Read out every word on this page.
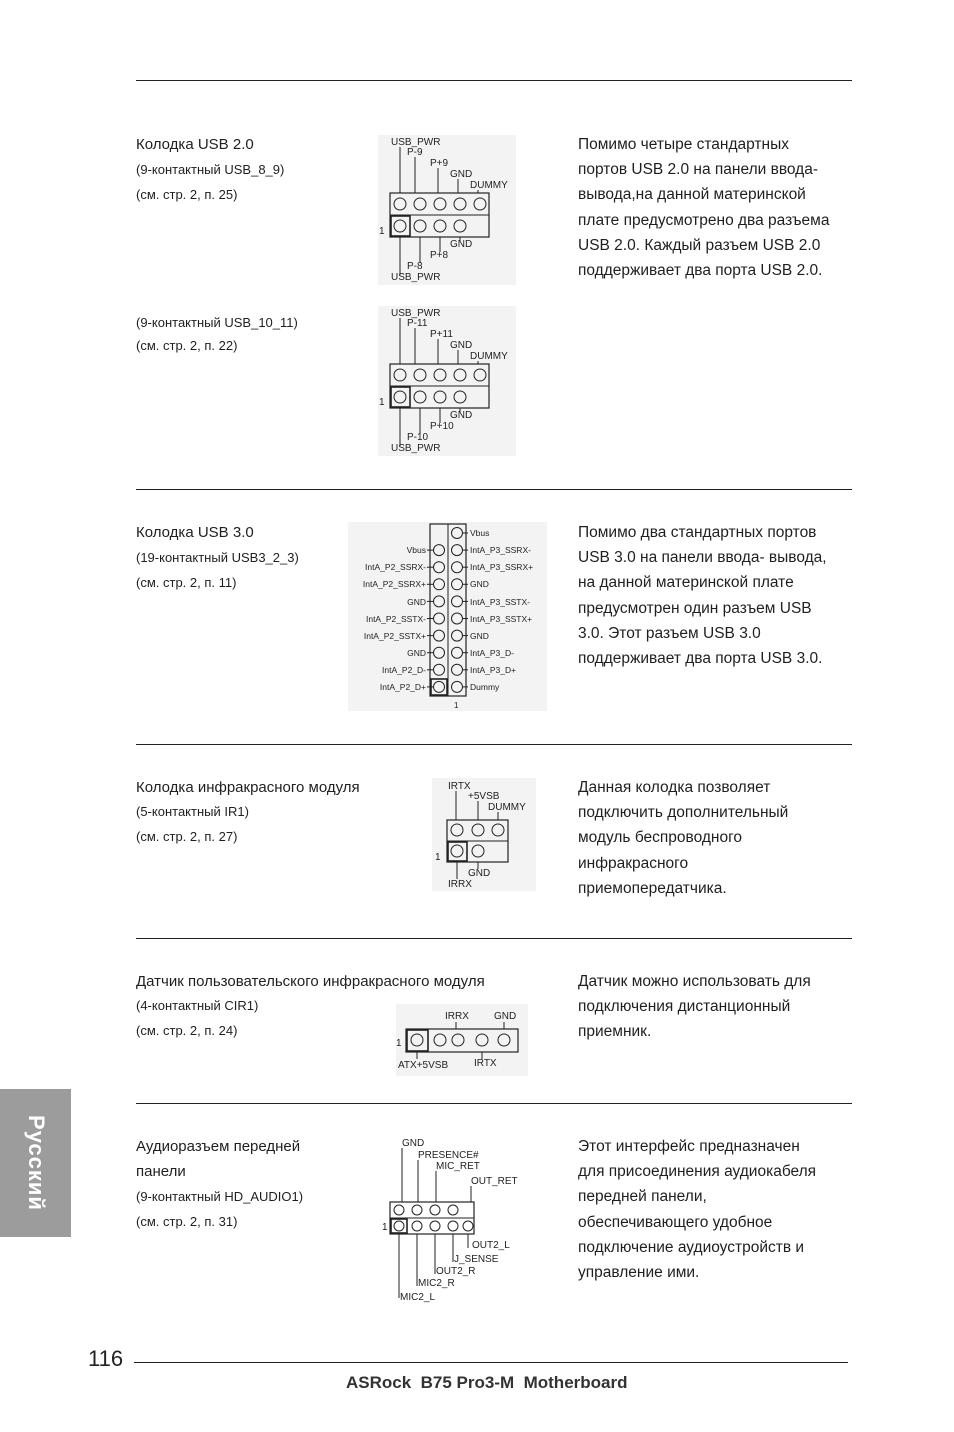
Колодка USB 2.0

(9-контактный USB_8_9)

(см. стр. 2, п. 25)

(9-контактный USB_10_11)

(см. стр. 2, п. 22)

Помимо четыре стандартных
портов USB 2.0 на панели ввода-
вывода,на данной материнской
плате предусмотрено два разъема
USB 2.0. Каждый разъем USB 2.0
поддерживает два порта USB 2.0.
USB_PWR
P-9
P+9
GND
DUMMY
1
GND
P+8
P-8
USB_PWR
USB_PWR
P-11
P+11
GND
DUMMY
1
GND
P+10
P-10
USB_PWR

Колодка USB 3.0

(19-контактный USB3_2_3)

(см. стр. 2, п. 11)

Помимо два стандартных портов
USB 3.0 на панели ввода- вывода,
на данной материнской плате
предусмотрен один разъем USB
3.0. Этот разъем USB 3.0
поддерживает два порта USB 3.0.
Vbus
IntA_P3_SSRX-
IntA_P3_SSRX+
GND
IntA_P3_SSTX-
IntA_P3_SSTX+
GND
IntA_P3_D-
IntA_P3_D+
Dummy
Vbus
IntA_P2_SSRX-
IntA_P2_SSRX+
GND
IntA_P2_SSTX-
IntA_P2_SSTX+
GND
IntA_P2_D-
IntA_P2_D+
1

Колодка инфракрасного модуля

(5-контактный IR1)

(см. стр. 2, п. 27)

Данная колодка позволяет
подключить дополнительный
модуль беспроводного
инфракрасного
приемопередатчика.
IRTX
+5VSB
DUMMY
1
GND
IRRX

Датчик пользовательского инфракрасного модуля

(4-контактный CIR1)

(см. стр. 2, п. 24)

Датчик можно использовать для
подключения дистанционный
приемник.
IRRX	GND
1
ATX+5VSB	IRTX

Аудиоразъем передней

панели

(9-контактный HD_AUDIO1)

(см. стр. 2, п. 31)

Этот интерфейс предназначен
для присоединения аудиокабеля
передней панели,
обеспечивающего удобное
подключение аудиоустройств и
управление ими.
GND
PRESENCE#
MIC_RET
OUT_RET
1
OUT2_L
J_SENSE
OUT2_R
MIC2_R
MIC2_L
Русский

116

ASRock  B75 Pro3-M  Motherboard
